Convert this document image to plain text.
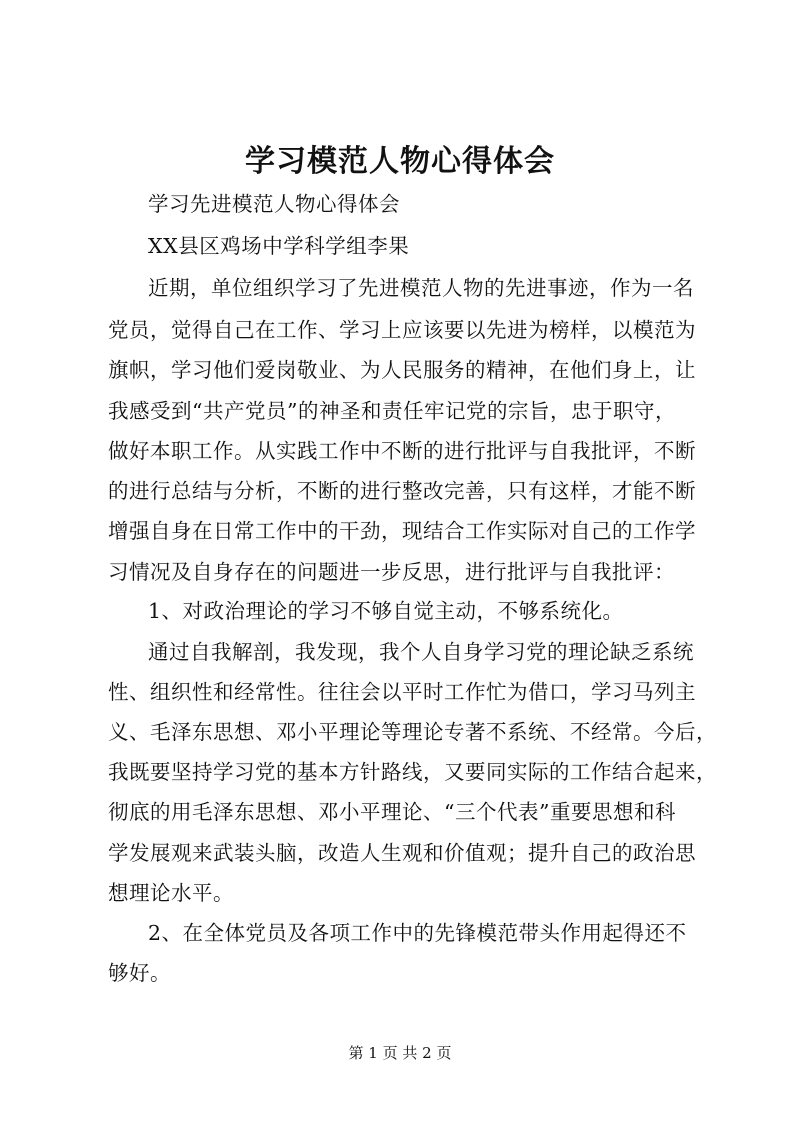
学习模范人物心得体会
学习先进模范人物心得体会
XX县区鸡场中学科学组李果
近期，单位组织学习了先进模范人物的先进事迹，作为一名
党员，觉得自己在工作、学习上应该要以先进为榜样，以模范为
旗帜，学习他们爱岗敬业、为人民服务的精神，在他们身上，让
我感受到“共产党员”的神圣和责任牢记党的宗旨，忠于职守，
做好本职工作。从实践工作中不断的进行批评与自我批评，不断
的进行总结与分析，不断的进行整改完善，只有这样，才能不断
增强自身在日常工作中的干劲，现结合工作实际对自己的工作学
习情况及自身存在的问题进一步反思，进行批评与自我批评：
1、对政治理论的学习不够自觉主动，不够系统化。
通过自我解剖，我发现，我个人自身学习党的理论缺乏系统
性、组织性和经常性。往往会以平时工作忙为借口，学习马列主
义、毛泽东思想、邓小平理论等理论专著不系统、不经常。今后，
我既要坚持学习党的基本方针路线，又要同实际的工作结合起来，
彻底的用毛泽东思想、邓小平理论、“三个代表”重要思想和科
学发展观来武装头脑，改造人生观和价值观；提升自己的政治思
想理论水平。
2、在全体党员及各项工作中的先锋模范带头作用起得还不
够好。
第 1 页 共 2 页
